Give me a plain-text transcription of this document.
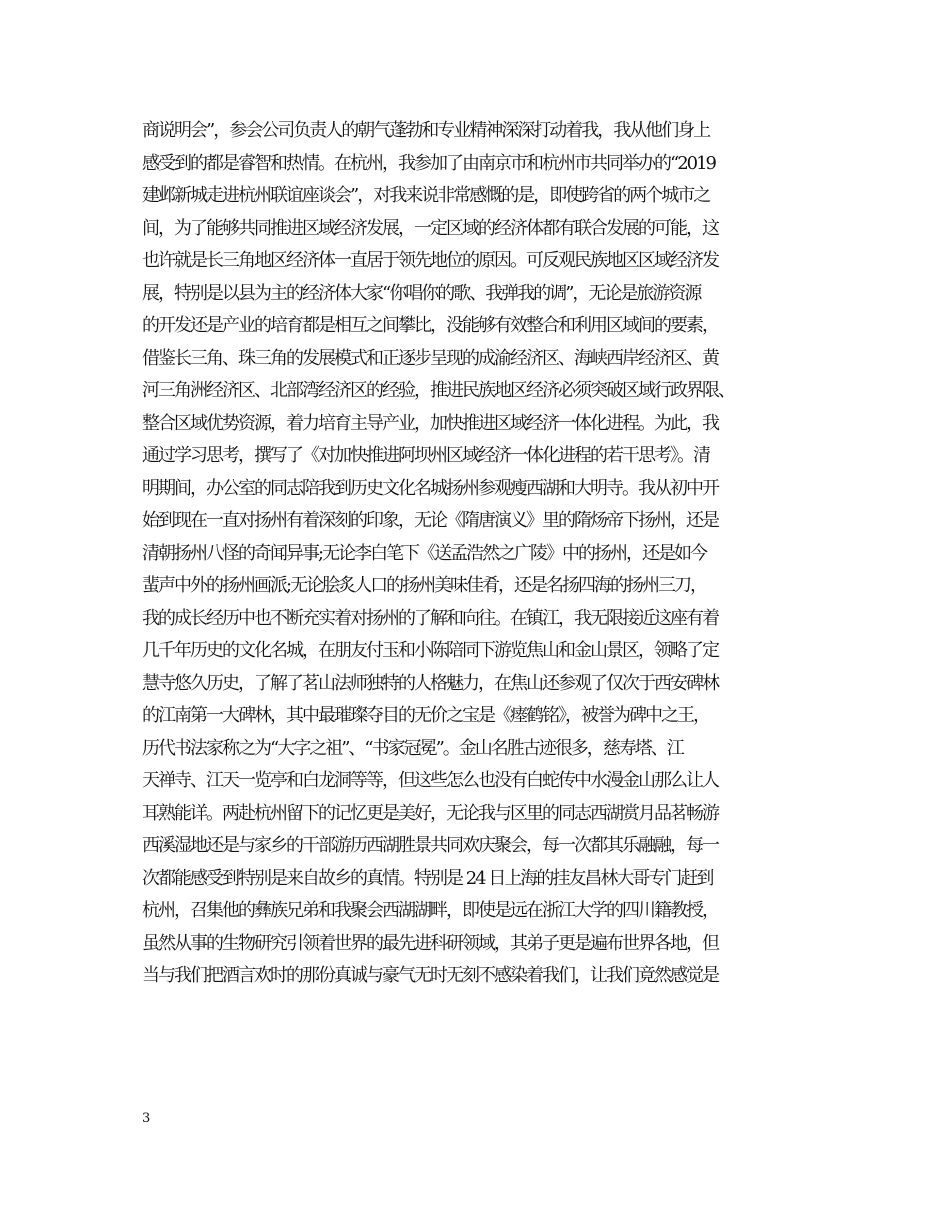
商说明会”，参会公司负责人的朝气蓬勃和专业精神深深打动着我，我从他们身上
感受到的都是睿智和热情。在杭州，我参加了由南京市和杭州市共同举办的“2019
建邺新城走进杭州联谊座谈会”，对我来说非常感慨的是，即使跨省的两个城市之
间，为了能够共同推进区域经济发展，一定区域的经济体都有联合发展的可能，这
也许就是长三角地区经济体一直居于领先地位的原因。可反观民族地区区域经济发
展，特别是以县为主的经济体大家“你唱你的歌、我弹我的调”，无论是旅游资源
的开发还是产业的培育都是相互之间攀比，没能够有效整合和利用区域间的要素，
借鉴长三角、珠三角的发展模式和正逐步呈现的成渝经济区、海峡西岸经济区、黄
河三角洲经济区、北部湾经济区的经验，推进民族地区经济必须突破区域行政界限、
整合区域优势资源，着力培育主导产业，加快推进区域经济一体化进程。为此，我
通过学习思考，撰写了《对加快推进阿坝州区域经济一体化进程的若干思考》。清
明期间，办公室的同志陪我到历史文化名城扬州参观瘦西湖和大明寺。我从初中开
始到现在一直对扬州有着深刻的印象，无论《隋唐演义》里的隋炀帝下扬州，还是
清朝扬州八怪的奇闻异事;无论李白笔下《送孟浩然之广陵》中的扬州，还是如今
蜚声中外的扬州画派;无论脍炙人口的扬州美味佳肴，还是名扬四海的扬州三刀，
我的成长经历中也不断充实着对扬州的了解和向往。在镇江，我无限接近这座有着
几千年历史的文化名城，在朋友付玉和小陈陪同下游览焦山和金山景区，领略了定
慧寺悠久历史，了解了茗山法师独特的人格魅力，在焦山还参观了仅次于西安碑林
的江南第一大碑林，其中最璀璨夺目的无价之宝是《瘗鹤铭》，被誉为碑中之王，
历代书法家称之为“大字之祖”、“书家冠冕”。金山名胜古迹很多，慈寿塔、江
天禅寺、江天一览亭和白龙洞等等，但这些怎么也没有白蛇传中水漫金山那么让人
耳熟能详。两赴杭州留下的记忆更是美好，无论我与区里的同志西湖赏月品茗畅游
西溪湿地还是与家乡的干部游历西湖胜景共同欢庆聚会，每一次都其乐融融，每一
次都能感受到特别是来自故乡的真情。特别是 24 日上海的挂友昌林大哥专门赶到
杭州，召集他的彝族兄弟和我聚会西湖湖畔，即使是远在浙江大学的四川籍教授，
虽然从事的生物研究引领着世界的最先进科研领域，其弟子更是遍布世界各地，但
当与我们把酒言欢时的那份真诚与豪气无时无刻不感染着我们，让我们竟然感觉是
3
